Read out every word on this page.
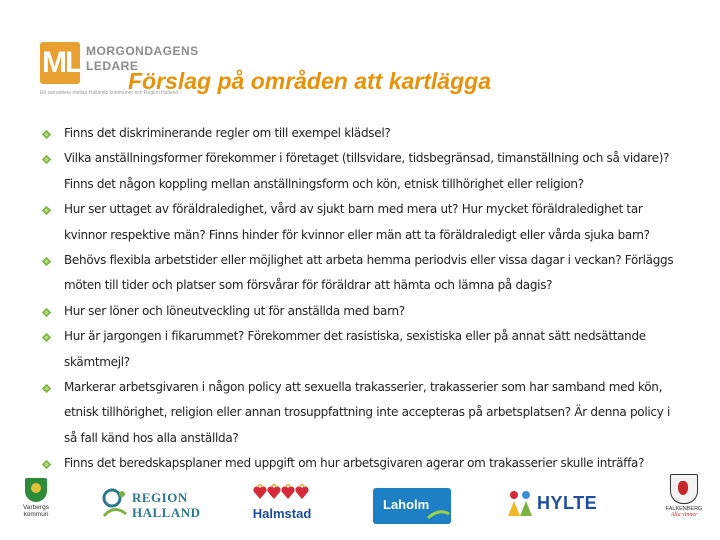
ML MORGONDAGENS
LEDARE
Ett samarbete mellan Hallands kommuner och Region Halland
Förslag på områden att kartlägga
Finns det diskriminerande regler om till exempel klädsel?
Vilka anställningsformer förekommer i företaget (tillsvidare, tidsbegränsad, timanställning och så vidare)? Finns det någon koppling mellan anställningsform och kön, etnisk tillhörighet eller religion?
Hur ser uttaget av föräldraledighet, vård av sjukt barn med mera ut? Hur mycket föräldraledighet tar kvinnor respektive män? Finns hinder för kvinnor eller män att ta föräldraledigt eller vårda sjuka barn?
Behövs flexibla arbetstider eller möjlighet att arbeta hemma periodvis eller vissa dagar i veckan? Förläggs möten till tider och platser som försvårar för föräldrar att hämta och lämna på dagis?
Hur ser löner och löneutveckling ut för anställda med barn?
Hur är jargongen i fikarummet? Förekommer det rasistiska, sexistiska eller på annat sätt nedsättande skämtmejl?
Markerar arbetsgivaren i någon policy att sexuella trakasserier, trakasserier som har samband med kön, etnisk tillhörighet, religion eller annan trosuppfattning inte accepteras på arbetsplatsen? Är denna policy i så fall känd hos alla anställda?
Finns det beredskapsplaner med uppgift om hur arbetsgivaren agerar om trakasserier skulle inträffa?
Varbergs
kommun
REGION
HALLAND	Halmstad
Laholm	HYLTE	FALKENBERG
Alla vinner
